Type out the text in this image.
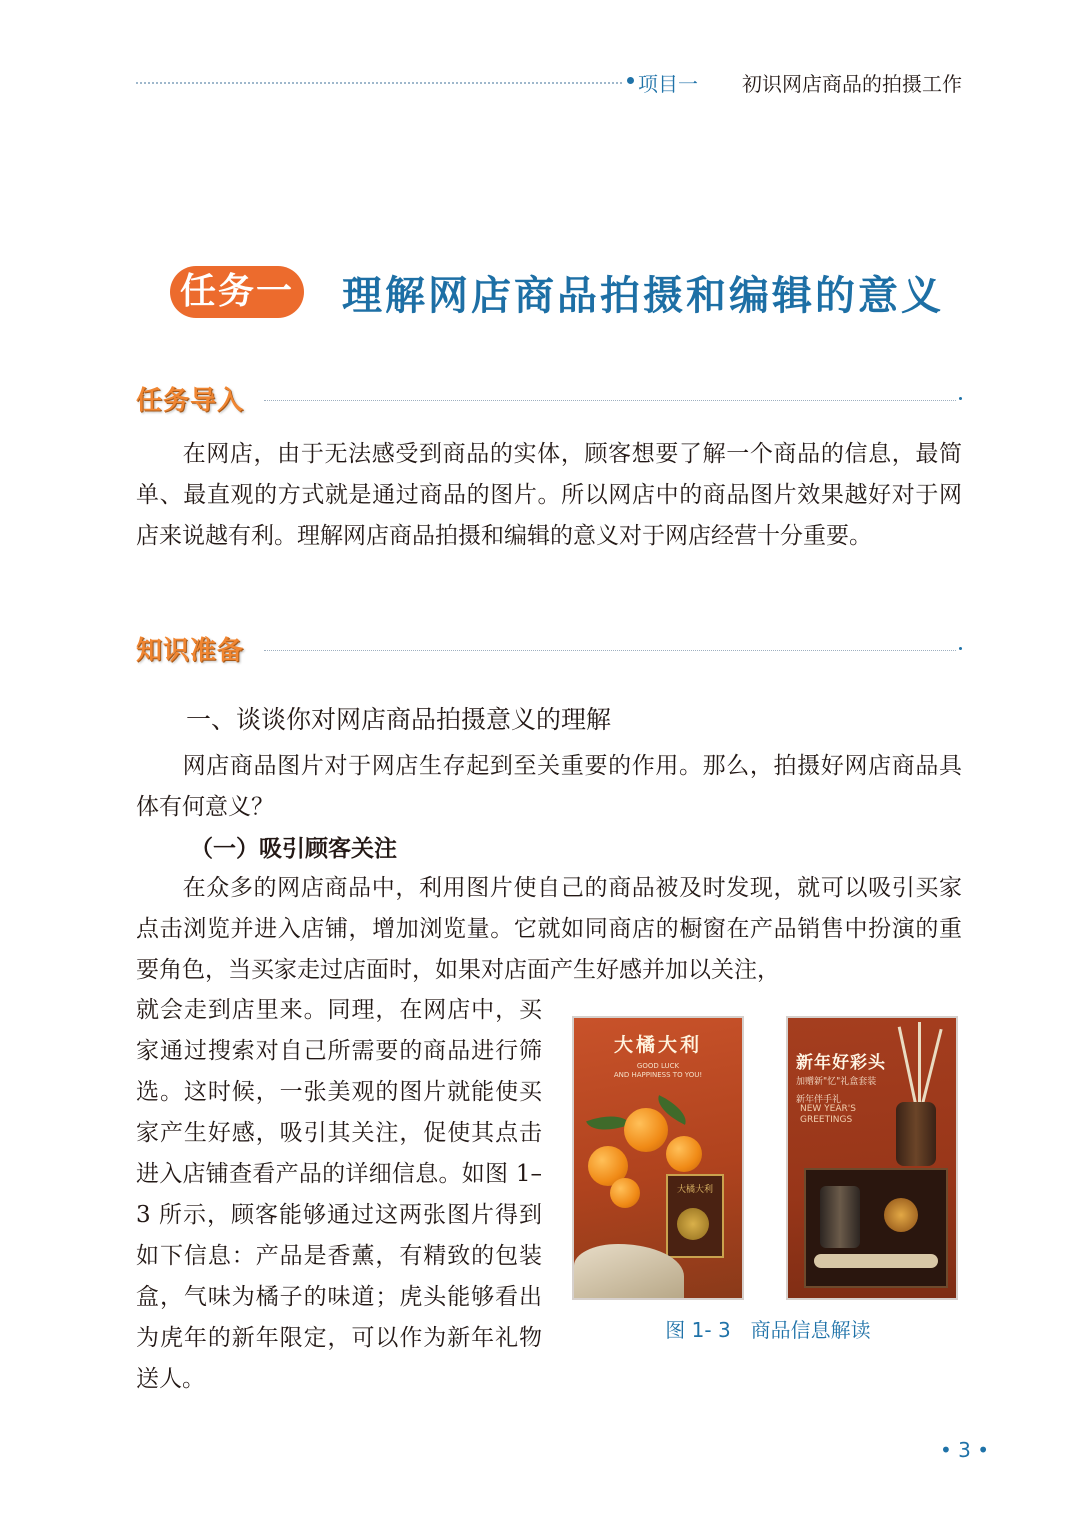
项目一 初识网店商品的拍摄工作
任务一 理解网店商品拍摄和编辑的意义
任务导入

在网店，由于无法感受到商品的实体，顾客想要了解一个商品的信息，最简单、最直观的方式就是通过商品的图片。所以网店中的商品图片效果越好对于网店来说越有利。理解网店商品拍摄和编辑的意义对于网店经营十分重要。

知识准备
一、谈谈你对网店商品拍摄意义的理解

网店商品图片对于网店生存起到至关重要的作用。那么，拍摄好网店商品具体有何意义？

（一）吸引顾客关注

在众多的网店商品中，利用图片使自己的商品被及时发现，就可以吸引买家点击浏览并进入店铺，增加浏览量。它就如同商店的橱窗在产品销售中扮演的重要角色，当买家走过店面时，如果对店面产生好感并加以关注，

就会走到店里来。同理，在网店中，买家通过搜索对自己所需要的商品进行筛选。这时候，一张美观的图片就能使买家产生好感，吸引其关注，促使其点击进入店铺查看产品的详细信息。如图 1–3 所示，顾客能够通过这两张图片得到如下信息：产品是香薰，有精致的包装盒，气味为橘子的味道；虎头能够看出为虎年的新年限定，可以作为新年礼物送人。

大橘大利
GOOD LUCK
AND HAPPINESS TO YOU!
大橘大利
新年好彩头
加赠新"忆"礼盒套装
新年伴手礼
NEW YEAR'S
GREETINGS
图 1- 3　商品信息解读
• 3 •
